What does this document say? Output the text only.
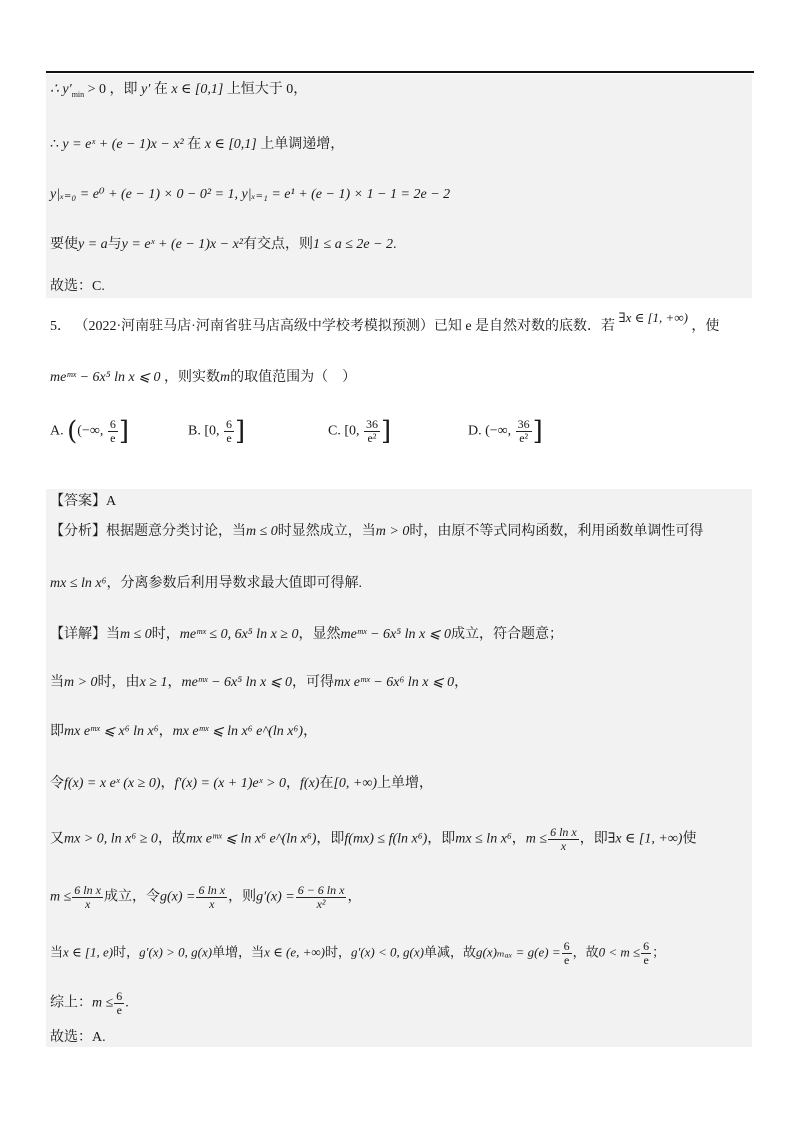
∴ $y'_{min} > 0$ ，即 y′ 在 x ∈ [0,1] 上恒大于 0，
∴ y = eˣ + (e − 1)x − x² 在 x ∈ [0,1] 上单调递增，
y|ₓ₌₀ = e⁰ + (e − 1) × 0 − 0² = 1, y|ₓ₌₁ = e¹ + (e − 1) × 1 − 1 = 2e − 2
要使y = a与y = eˣ + (e − 1)x − x²有交点，则1 ≤ a ≤ 2e − 2.
故选：C.
5． （2022·河南驻马店·河南省驻马店高级中学校考模拟预测）已知 e 是自然对数的底数．若 ∃x ∈ [1, +∞) ，使
meᵐˣ − 6x⁵ ln x ⩽ 0 ，则实数m的取值范围为（　）
A. ((−∞, $\frac{6}{e}$ ]	B. [0, $\frac{6}{e}$ ]	C. [0, $\frac{36}{\text{e²}}$ ]	D. (−∞, $\frac{36}{\text{e²}}$ ]
【答案】A
【分析】根据题意分类讨论，当m ≤ 0时显然成立，当m > 0时，由原不等式同构函数，利用函数单调性可得
mx ≤ ln x⁶，分离参数后利用导数求最大值即可得解.
【详解】当m ≤ 0时，meᵐˣ ≤ 0, 6x⁵ ln x ≥ 0，显然meᵐˣ − 6x⁵ ln x ⩽ 0成立，符合题意；
当m > 0时，由x ≥ 1，meᵐˣ − 6x⁵ ln x ⩽ 0，可得mx eᵐˣ − 6x⁶ ln x ⩽ 0，
即mx eᵐˣ ⩽ x⁶ ln x⁶，mx eᵐˣ ⩽ ln x⁶ e^(ln x⁶)，
令f(x) = x eˣ (x ≥ 0)，f′(x) = (x + 1)eˣ > 0，f(x)在[0, +∞)上单增，
又mx > 0, ln x⁶ ≥ 0，故mx eᵐˣ ⩽ ln x⁶ e^(ln x⁶)，即f(mx) ≤ f(ln x⁶)，即mx ≤ ln x⁶，$m \le \frac{\text{6 ln x}}{x}$ ，即∃x ∈ [1, +∞)使
$m \le \frac{\text{6 ln x}}{x}$ 成立，令$g(x) = \frac{\text{6 ln x}}{x}$ ，则$g'(x) = \frac{\text{6 − 6 ln x}}{\text{x²}}$ ，
当x ∈ [1, e)时，g′(x) > 0, g(x)单增，当x ∈ (e, +∞)时，g′(x) < 0, g(x)单减，故$g(x)_{max} = g(e) = \frac{6}{e}$ ，故$0 < m \le \frac{6}{e}$ ；
综上：$m \le \frac{6}{e}$ .
故选：A.
